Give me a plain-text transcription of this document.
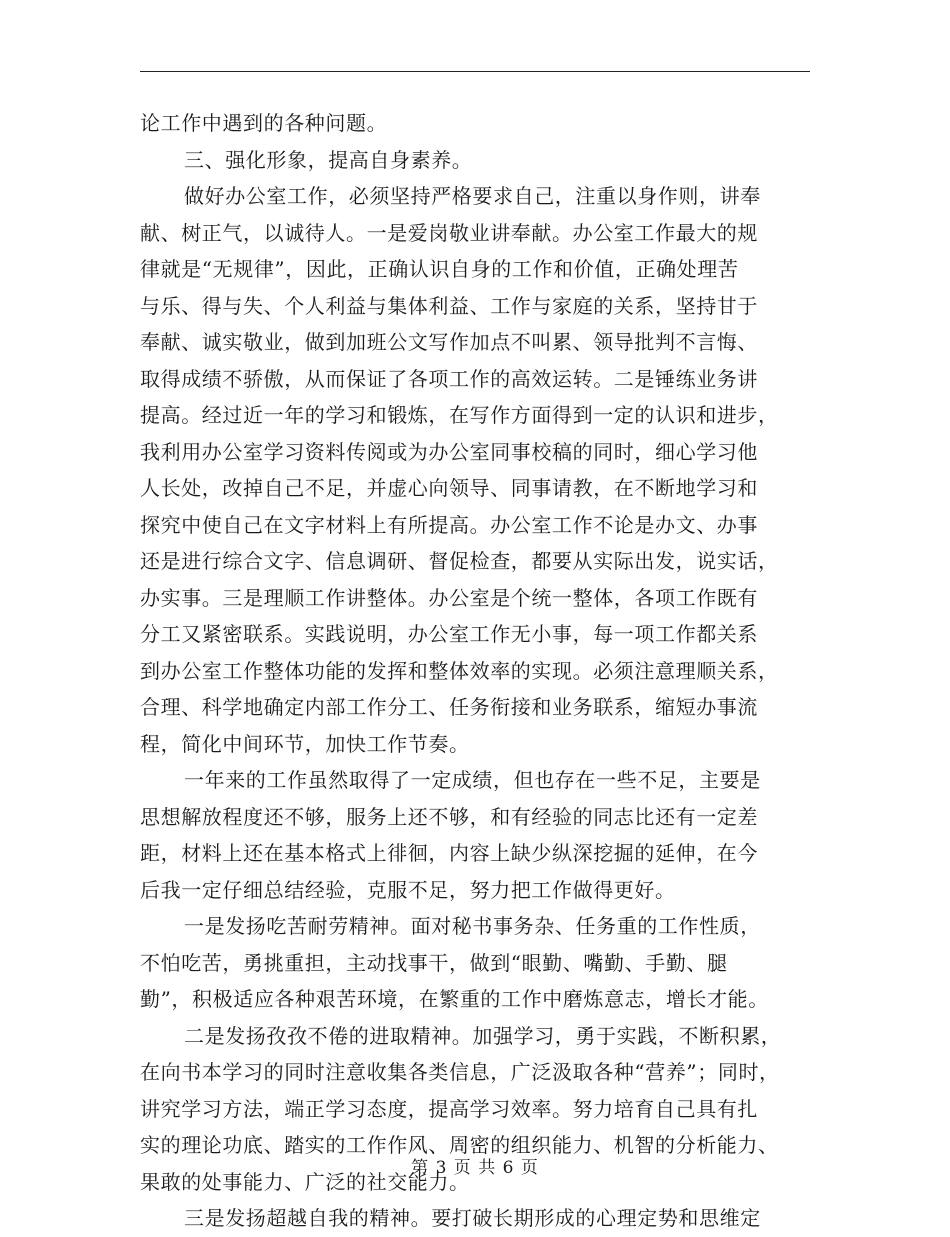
论工作中遇到的各种问题。
三、强化形象，提高自身素养。
做好办公室工作，必须坚持严格要求自己，注重以身作则，讲奉
献、树正气，以诚待人。一是爱岗敬业讲奉献。办公室工作最大的规
律就是“无规律”，因此，正确认识自身的工作和价值，正确处理苦
与乐、得与失、个人利益与集体利益、工作与家庭的关系，坚持甘于
奉献、诚实敬业，做到加班公文写作加点不叫累、领导批判不言悔、
取得成绩不骄傲，从而保证了各项工作的高效运转。二是锤练业务讲
提高。经过近一年的学习和锻炼，在写作方面得到一定的认识和进步，
我利用办公室学习资料传阅或为办公室同事校稿的同时，细心学习他
人长处，改掉自己不足，并虚心向领导、同事请教，在不断地学习和
探究中使自己在文字材料上有所提高。办公室工作不论是办文、办事
还是进行综合文字、信息调研、督促检查，都要从实际出发，说实话，
办实事。三是理顺工作讲整体。办公室是个统一整体，各项工作既有
分工又紧密联系。实践说明，办公室工作无小事，每一项工作都关系
到办公室工作整体功能的发挥和整体效率的实现。必须注意理顺关系，
合理、科学地确定内部工作分工、任务衔接和业务联系，缩短办事流
程，简化中间环节，加快工作节奏。
一年来的工作虽然取得了一定成绩，但也存在一些不足，主要是
思想解放程度还不够，服务上还不够，和有经验的同志比还有一定差
距，材料上还在基本格式上徘徊，内容上缺少纵深挖掘的延伸，在今
后我一定仔细总结经验，克服不足，努力把工作做得更好。
一是发扬吃苦耐劳精神。面对秘书事务杂、任务重的工作性质，
不怕吃苦，勇挑重担，主动找事干，做到“眼勤、嘴勤、手勤、腿
勤”，积极适应各种艰苦环境，在繁重的工作中磨炼意志，增长才能。
二是发扬孜孜不倦的进取精神。加强学习，勇于实践，不断积累，
在向书本学习的同时注意收集各类信息，广泛汲取各种“营养”；同时，
讲究学习方法，端正学习态度，提高学习效率。努力培育自己具有扎
实的理论功底、踏实的工作作风、周密的组织能力、机智的分析能力、
果敢的处事能力、广泛的社交能力。
三是发扬超越自我的精神。要打破长期形成的心理定势和思维定
第 3 页 共 6 页
